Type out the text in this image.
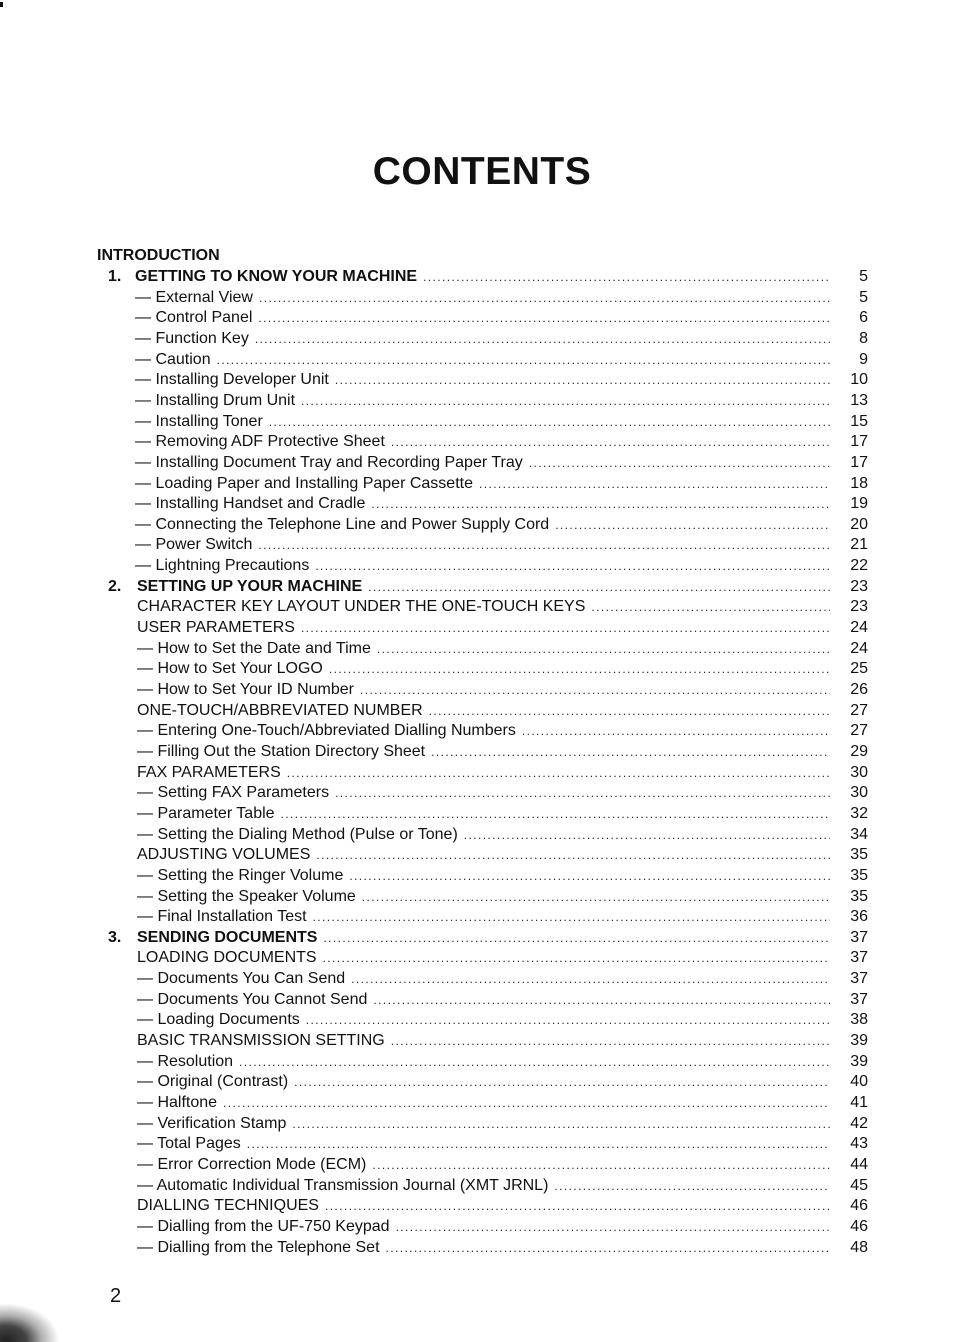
CONTENTS
INTRODUCTION
1. GETTING TO KNOW YOUR MACHINE .....	5
— External View .....	5
— Control Panel .....	6
— Function Key .....	8
— Caution .....	9
— Installing Developer Unit .....	10
— Installing Drum Unit .....	13
— Installing Toner .....	15
— Removing ADF Protective Sheet .....	17
— Installing Document Tray and Recording Paper Tray .....	17
— Loading Paper and Installing Paper Cassette .....	18
— Installing Handset and Cradle .....	19
— Connecting the Telephone Line and Power Supply Cord .....	20
— Power Switch .....	21
— Lightning Precautions .....	22
2. SETTING UP YOUR MACHINE .....	23
CHARACTER KEY LAYOUT UNDER THE ONE-TOUCH KEYS .....	23
USER PARAMETERS .....	24
— How to Set the Date and Time .....	24
— How to Set Your LOGO .....	25
— How to Set Your ID Number .....	26
ONE-TOUCH/ABBREVIATED NUMBER .....	27
— Entering One-Touch/Abbreviated Dialling Numbers .....	27
— Filling Out the Station Directory Sheet .....	29
FAX PARAMETERS .....	30
— Setting FAX Parameters .....	30
— Parameter Table .....	32
— Setting the Dialing Method (Pulse or Tone) .....	34
ADJUSTING VOLUMES .....	35
— Setting the Ringer Volume .....	35
— Setting the Speaker Volume .....	35
— Final Installation Test .....	36
3. SENDING DOCUMENTS .....	37
LOADING DOCUMENTS .....	37
— Documents You Can Send .....	37
— Documents You Cannot Send .....	37
— Loading Documents .....	38
BASIC TRANSMISSION SETTING .....	39
— Resolution .....	39
— Original (Contrast) .....	40
— Halftone .....	41
— Verification Stamp .....	42
— Total Pages .....	43
— Error Correction Mode (ECM) .....	44
— Automatic Individual Transmission Journal (XMT JRNL) .....	45
DIALLING TECHNIQUES .....	46
— Dialling from the UF-750 Keypad .....	46
— Dialling from the Telephone Set .....	48
2
